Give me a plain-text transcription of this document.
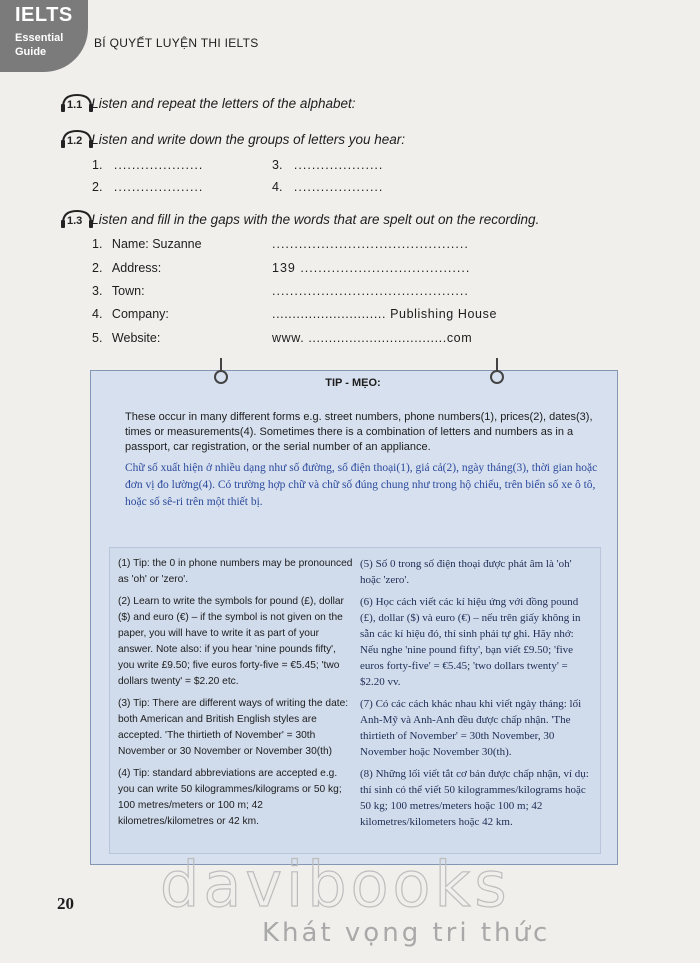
IELTS
Essential
Guide
BÍ QUYẾT LUYỆN THI IELTS
1.1 Listen and repeat the letters of the alphabet:
1.2 Listen and write down the groups of letters you hear:
1. ....................
2. ....................
3. ....................
4. ....................
1.3 Listen and fill in the gaps with the words that are spelt out on the recording.
1. Name: Suzanne	............................................
2. Address:	139 ......................................
3. Town:	............................................
4. Company:	............................ Publishing House
5. Website:	www. ..................................com
TIP - MẸO:
These occur in many different forms e.g. street numbers, phone numbers(1), prices(2), dates(3), times or measurements(4). Sometimes there is a combination of letters and numbers as in a passport, car registration, or the serial number of an appliance.
Chữ số xuất hiện ở nhiều dạng như số đường, số điện thoại(1), giá cả(2), ngày tháng(3), thời gian hoặc đơn vị đo lường(4). Có trường hợp chữ và chữ số đúng chung như trong hộ chiếu, trên biển số xe ô tô, hoặc số sê-ri trên một thiết bị.

(1) Tip: the 0 in phone numbers may be pronounced as 'oh' or 'zero'.

(2) Learn to write the symbols for pound (£), dollar ($) and euro (€) – if the symbol is not given on the paper, you will have to write it as part of your answer. Note also: if you hear 'nine pounds fifty', you write £9.50; five euros forty-five = €5.45; 'two dollars twenty' = $2.20 etc.

(3) Tip: There are different ways of writing the date: both American and British English styles are accepted. 'The thirtieth of November' = 30th November or 30 November or November 30(th)

(4) Tip: standard abbreviations are accepted e.g. you can write 50 kilogrammes/kilograms or 50 kg; 100 metres/meters or 100 m; 42 kilometres/kilometres or 42 km.

(5) Số 0 trong số điện thoại được phát âm là 'oh' hoặc 'zero'.

(6) Học cách viết các kí hiệu ứng với đồng pound (£), dollar ($) và euro (€) – nếu trên giấy không in sẵn các kí hiệu đó, thí sinh phải tự ghi. Hãy nhớ: Nếu nghe 'nine pound fifty', bạn viết £9.50; 'five euros forty-five' = €5.45; 'two dollars twenty' = $2.20 vv.

(7) Có các cách khác nhau khi viết ngày tháng: lối Anh-Mỹ và Anh-Anh đều được chấp nhận. 'The thirtieth of November' = 30th November, 30 November hoặc November 30(th).

(8) Những lối viết tắt cơ bản được chấp nhận, ví dụ: thí sinh có thể viết 50 kilogrammes/kilograms hoặc 50 kg; 100 metres/meters hoặc 100 m; 42 kilometres/kilometers hoặc 42 km.

20 davibooks
Khát vọng tri thức
